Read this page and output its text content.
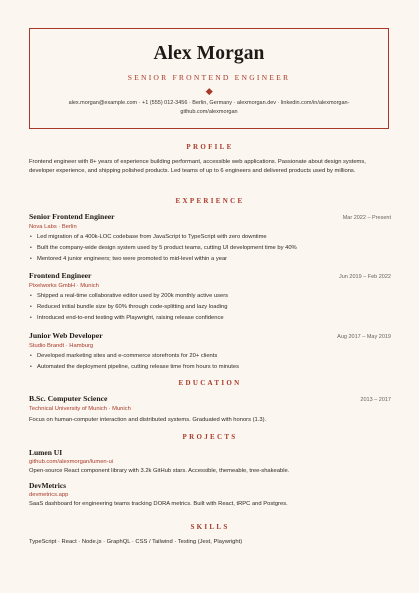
Alex Morgan
SENIOR FRONTEND ENGINEER
alex.morgan@example.com · +1 (555) 012-3456 · Berlin, Germany · alexmorgan.dev · linkedin.com/in/alexmorgan-github.com/alexmorgan
PROFILE
Frontend engineer with 8+ years of experience building performant, accessible web applications. Passionate about design systems, developer experience, and shipping polished products. Led teams of up to 6 engineers and delivered products used by millions.
EXPERIENCE
Senior Frontend Engineer	Mar 2022 – Present
Nova Labs · Berlin
• Led migration of a 400k-LOC codebase from JavaScript to TypeScript with zero downtime
• Built the company-wide design system used by 5 product teams, cutting UI development time by 40%
• Mentored 4 junior engineers; two were promoted to mid-level within a year
Frontend Engineer	Jun 2019 – Feb 2022
Pixelworks GmbH · Munich
• Shipped a real-time collaborative editor used by 200k monthly active users
• Reduced initial bundle size by 60% through code-splitting and lazy loading
• Introduced end-to-end testing with Playwright, raising release confidence
Junior Web Developer	Aug 2017 – May 2019
Studio Brandt · Hamburg
• Developed marketing sites and e-commerce storefronts for 20+ clients
• Automated the deployment pipeline, cutting release time from hours to minutes
EDUCATION
B.Sc. Computer Science	2013 – 2017
Technical University of Munich · Munich
Focus on human-computer interaction and distributed systems. Graduated with honors (1.3).
PROJECTS
Lumen UI
github.com/alexmorgan/lumen-ui
Open-source React component library with 3.2k GitHub stars. Accessible, themeable, tree-shakeable.
DevMetrics
devmetrics.app
SaaS dashboard for engineering teams tracking DORA metrics. Built with React, tRPC and Postgres.
SKILLS
TypeScript · React · Node.js · GraphQL · CSS / Tailwind · Testing (Jest, Playwright)
